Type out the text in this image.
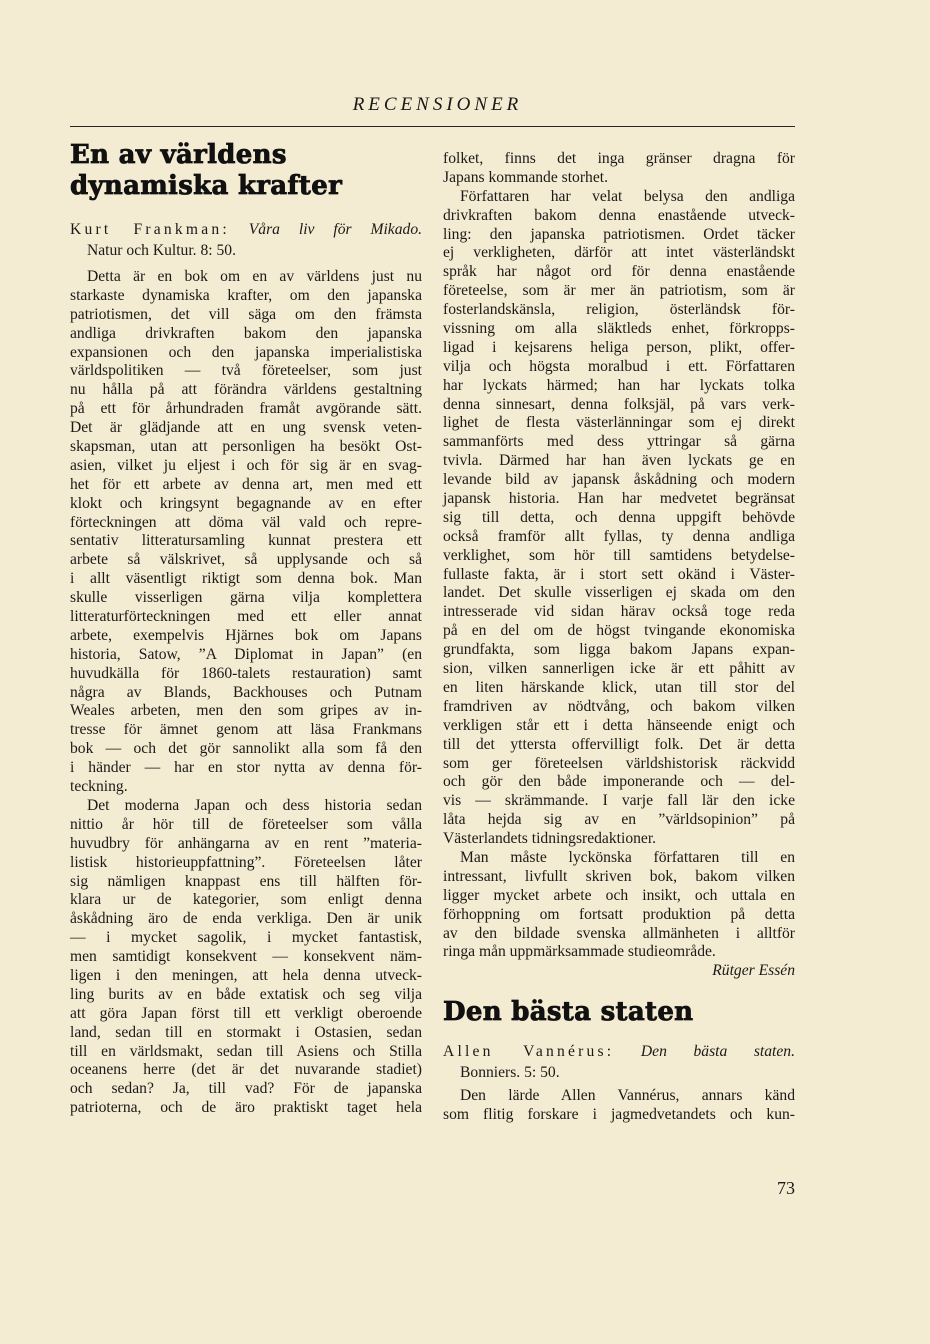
RECENSIONER
En av världens
dynamiska krafter
Kurt Frankman: Våra liv för Mikado.
Natur och Kultur. 8: 50.
Detta är en bok om en av världens just nu
starkaste dynamiska krafter, om den japanska
patriotismen, det vill säga om den främsta
andliga drivkraften bakom den japanska
expansionen och den japanska imperialistiska
världspolitiken — två företeelser, som just
nu hålla på att förändra världens gestaltning
på ett för århundraden framåt avgörande sätt.
Det är glädjande att en ung svensk veten-
skapsman, utan att personligen ha besökt Ost-
asien, vilket ju eljest i och för sig är en svag-
het för ett arbete av denna art, men med ett
klokt och kringsynt begagnande av en efter
förteckningen att döma väl vald och repre-
sentativ litteratursamling kunnat prestera ett
arbete så välskrivet, så upplysande och så
i allt väsentligt riktigt som denna bok. Man
skulle visserligen gärna vilja komplettera
litteraturförteckningen med ett eller annat
arbete, exempelvis Hjärnes bok om Japans
historia, Satow, ”A Diplomat in Japan” (en
huvudkälla för 1860-talets restauration) samt
några av Blands, Backhouses och Putnam
Weales arbeten, men den som gripes av in-
tresse för ämnet genom att läsa Frankmans
bok — och det gör sannolikt alla som få den
i händer — har en stor nytta av denna för-
teckning.
Det moderna Japan och dess historia sedan
nittio år hör till de företeelser som vålla
huvudbry för anhängarna av en rent ”materia-
listisk historieuppfattning”. Företeelsen låter
sig nämligen knappast ens till hälften för-
klara ur de kategorier, som enligt denna
åskådning äro de enda verkliga. Den är unik
— i mycket sagolik, i mycket fantastisk,
men samtidigt konsekvent — konsekvent näm-
ligen i den meningen, att hela denna utveck-
ling burits av en både extatisk och seg vilja
att göra Japan först till ett verkligt oberoende
land, sedan till en stormakt i Ostasien, sedan
till en världsmakt, sedan till Asiens och Stilla
oceanens herre (det är det nuvarande stadiet)
och sedan? Ja, till vad? För de japanska
patrioterna, och de äro praktiskt taget hela
folket, finns det inga gränser dragna för
Japans kommande storhet.
Författaren har velat belysa den andliga
drivkraften bakom denna enastående utveck-
ling: den japanska patriotismen. Ordet täcker
ej verkligheten, därför att intet västerländskt
språk har något ord för denna enastående
företeelse, som är mer än patriotism, som är
fosterlandskänsla, religion, österländsk för-
vissning om alla släktleds enhet, förkropps-
ligad i kejsarens heliga person, plikt, offer-
vilja och högsta moralbud i ett. Författaren
har lyckats härmed; han har lyckats tolka
denna sinnesart, denna folksjäl, på vars verk-
lighet de flesta västerlänningar som ej direkt
sammanförts med dess yttringar så gärna
tvivla. Därmed har han även lyckats ge en
levande bild av japansk åskådning och modern
japansk historia. Han har medvetet begränsat
sig till detta, och denna uppgift behövde
också framför allt fyllas, ty denna andliga
verklighet, som hör till samtidens betydelse-
fullaste fakta, är i stort sett okänd i Väster-
landet. Det skulle visserligen ej skada om den
intresserade vid sidan härav också toge reda
på en del om de högst tvingande ekonomiska
grundfakta, som ligga bakom Japans expan-
sion, vilken sannerligen icke är ett påhitt av
en liten härskande klick, utan till stor del
framdriven av nödtvång, och bakom vilken
verkligen står ett i detta hänseende enigt och
till det yttersta offervilligt folk. Det är detta
som ger företeelsen världshistorisk räckvidd
och gör den både imponerande och — del-
vis — skrämmande. I varje fall lär den icke
låta hejda sig av en ”världsopinion” på
Västerlandets tidningsredaktioner.
Man måste lyckönska författaren till en
intressant, livfullt skriven bok, bakom vilken
ligger mycket arbete och insikt, och uttala en
förhoppning om fortsatt produktion på detta
av den bildade svenska allmänheten i alltför
ringa mån uppmärksammade studieområde.
Rütger Essén
Den bästa staten
Allen Vannérus: Den bästa staten.
Bonniers. 5: 50.
Den lärde Allen Vannérus, annars känd
som flitig forskare i jagmedvetandets och kun-
73
